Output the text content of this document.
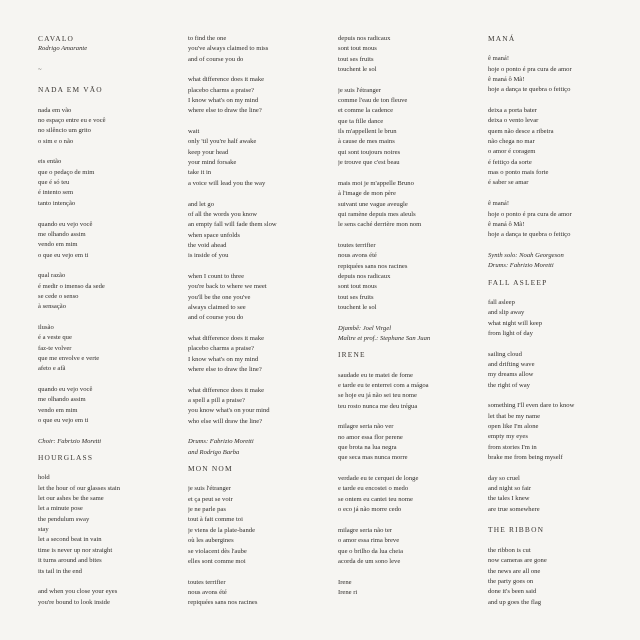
CAVALO
Rodrigo Amarante
~
NADA EM VÃO
nada em vão
no espaço entre eu e você
no silêncio um grito
o sim e o não
eis então
que o pedaço de mim
que é só teu
é intento sem
tanto intenção
quando eu vejo você
me olhando assim
vendo em mim
o que eu vejo em ti
qual razão
é medir o imenso da sede
se cede o senso
à sensação
ilusão
é a veste que
faz-te volver
que me envolve e verte
afeto e afã
quando eu vejo você
me olhando assim
vendo em mim
o que eu vejo em ti
Choir: Fabrizio Moretti
HOURGLASS
hold
let the hour of our glasses stain
let our ashes be the same
let a minute pose
the pendulum sway
stay
let a second beat in vain
time is never up nor straight
it turns around and bites
its tail in the end
and when you close your eyes
you're bound to look inside
to find the one
you've always claimed to miss
and of course you do
what difference does it make
placebo charms a praise?
I know what's on my mind
where else to draw the line?
wait
only 'til you're half awake
keep your head
your mind forsake
take it in
a voice will lead you the way
and let go
of all the words you know
an empty fall will fade them slow
when space unfolds
the void ahead
is inside of you
when I count to three
you're back to where we meet
you'll be the one you've
always claimed to see
and of course you do
what difference does it make
placebo charms a praise?
I know what's on my mind
where else to draw the line?
what difference does it make
a spell a pill a praise?
you know what's on your mind
who else will draw the line?
Drums: Fabrizio Moretti
and Rodrigo Barba
MON NOM
je suis l'étranger
et ça peut se voir
je ne parle pas
tout à fait comme toi
je viens de la plate-bande
où les aubergines
se violacent dès l'aube
elles sont comme moi
toutes terrifier
nous avons été
repiquées sans nos racines
depuis nos radicaux
sont tout mous
tout ses fruits
touchent le sol
je suis l'étranger
comme l'eau de ton fleuve
et comme la cadence
que ta fille dance
ils m'appellent le brun
à cause de mes mains
qui sont toujours noires
je trouve que c'est beau
mais moi je m'appelle Bruno
à l'image de mon père
suivant une vague aveugle
qui ramène depuis mes aïeuls
le sens caché derrière mon nom
toutes terrifier
nous avons été
repiquées sans nos racines
depuis nos radicaux
sont tout mous
tout ses fruits
touchent le sol
Djambê: Joel Virgel
Maître et prof.: Stephane San Juan
IRENE
saudade eu te matei de fome
e tarde eu te enterrei com a mágoa
se hoje eu já não sei teu nome
teu rosto nunca me deu trégua
milagre seria não ver
no amor essa flor perene
que brota na lua negra
que seca mas nunca morre
verdade eu te cerquei de longe
e tarde eu encostei o medo
se ontem eu cantei teu nome
o eco já não morre cedo
milagre seria não ter
o amor essa rima breve
que o brilho da lua cheia
acorda de um sono leve
Irene
Irene ri
MANÁ
ê maná!
hoje o ponto é pra cura de amor
ê maná ô Mã!
hoje a dança te quebra o feitiço
deixa a porta bater
deixa o vento levar
quem não desce a ribeira
não chega no mar
o amor é coragem
é feitiço da sorte
mas o ponto mais forte
é saber se amar
ê maná!
hoje o ponto é pra cura de amor
ê maná ô Mã!
hoje a dança te quebra o feitiço
Synth solo: Noah Georgeson
Drums: Fabrizio Moretti
FALL ASLEEP
fall asleep
and slip away
what night will keep
from light of day
sailing cloud
and drifting wave
my dreams allow
the right of way
something I'll even dare to know
let that be my name
open like I'm alone
empty my eyes
from stories I'm in
brake me from being myself
day so cruel
and night so fair
the tales I knew
are true somewhere
THE RIBBON
the ribbon is cut
now cameras are gone
the news are all one
the party goes on
done it's been said
and up goes the flag
